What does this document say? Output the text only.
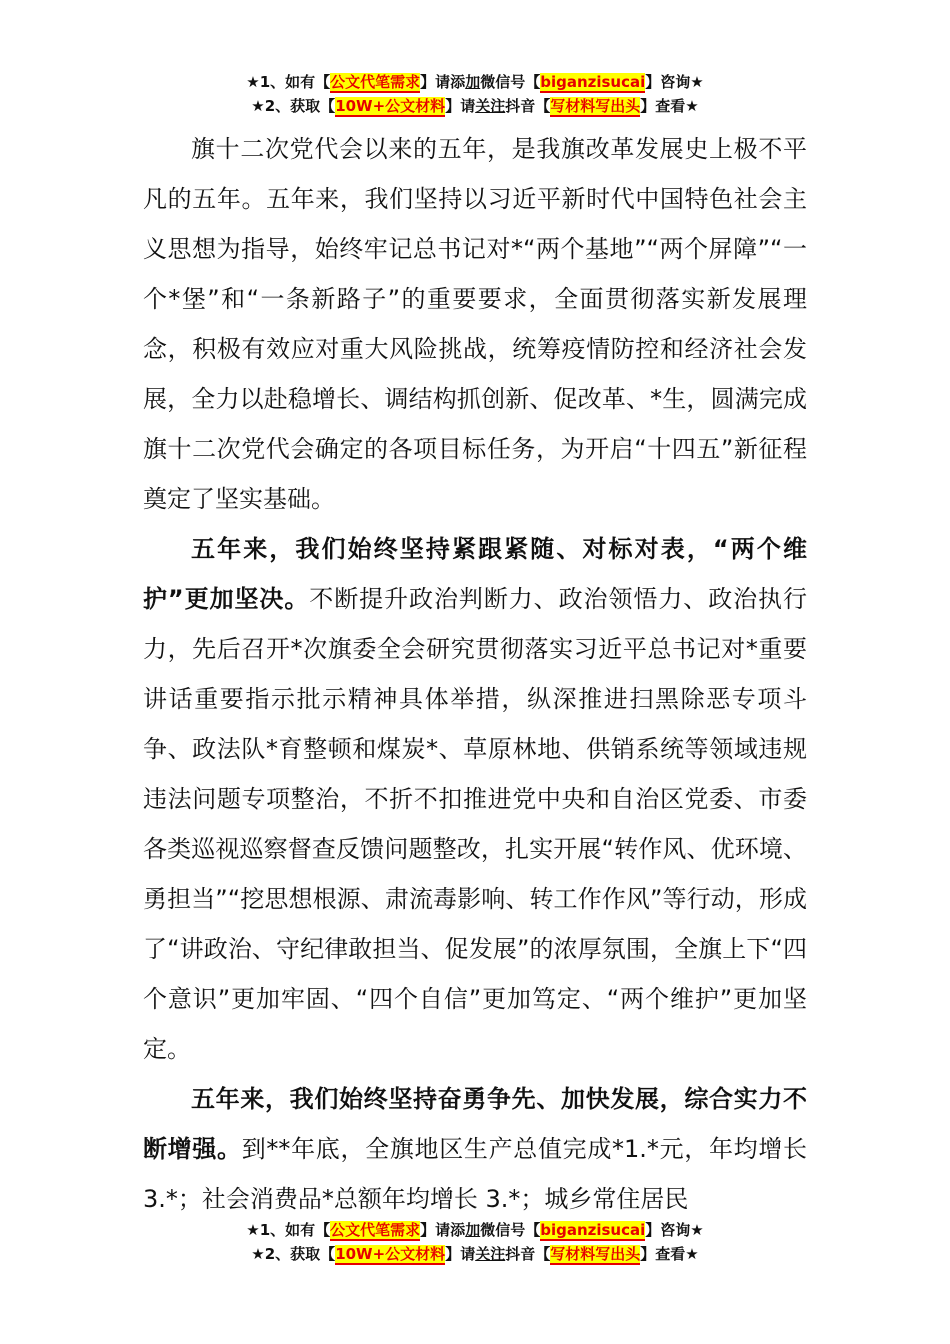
★1、如有【公文代笔需求】请添加微信号【biganzisucai】咨询★
★2、获取【10W+公文材料】请关注抖音【写材料写出头】查看★

旗十二次党代会以来的五年，是我旗改革发展史上极不平凡的五年。五年来，我们坚持以习近平新时代中国特色社会主义思想为指导，始终牢记总书记对*“两个基地”“两个屏障”“一个*堡”和“一条新路子”的重要要求，全面贯彻落实新发展理念，积极有效应对重大风险挑战，统筹疫情防控和经济社会发展，全力以赴稳增长、调结构抓创新、促改革、*生，圆满完成旗十二次党代会确定的各项目标任务，为开启“十四五”新征程奠定了坚实基础。

五年来，我们始终坚持紧跟紧随、对标对表，“两个维护”更加坚决。不断提升政治判断力、政治领悟力、政治执行力，先后召开*次旗委全会研究贯彻落实习近平总书记对*重要讲话重要指示批示精神具体举措，纵深推进扫黑除恶专项斗争、政法队*育整顿和煤炭*、草原林地、供销系统等领域违规违法问题专项整治，不折不扣推进党中央和自治区党委、市委各类巡视巡察督查反馈问题整改，扎实开展“转作风、优环境、勇担当”“挖思想根源、肃流毒影响、转工作作风”等行动，形成了“讲政治、守纪律敢担当、促发展”的浓厚氛围，全旗上下“四个意识”更加牢固、“四个自信”更加笃定、“两个维护”更加坚定。

五年来，我们始终坚持奋勇争先、加快发展，综合实力不断增强。到**年底，全旗地区生产总值完成*1.*元，年均增长 3.*；社会消费品*总额年均增长 3.*；城乡常住居民

★1、如有【公文代笔需求】请添加微信号【biganzisucai】咨询★
★2、获取【10W+公文材料】请关注抖音【写材料写出头】查看★
